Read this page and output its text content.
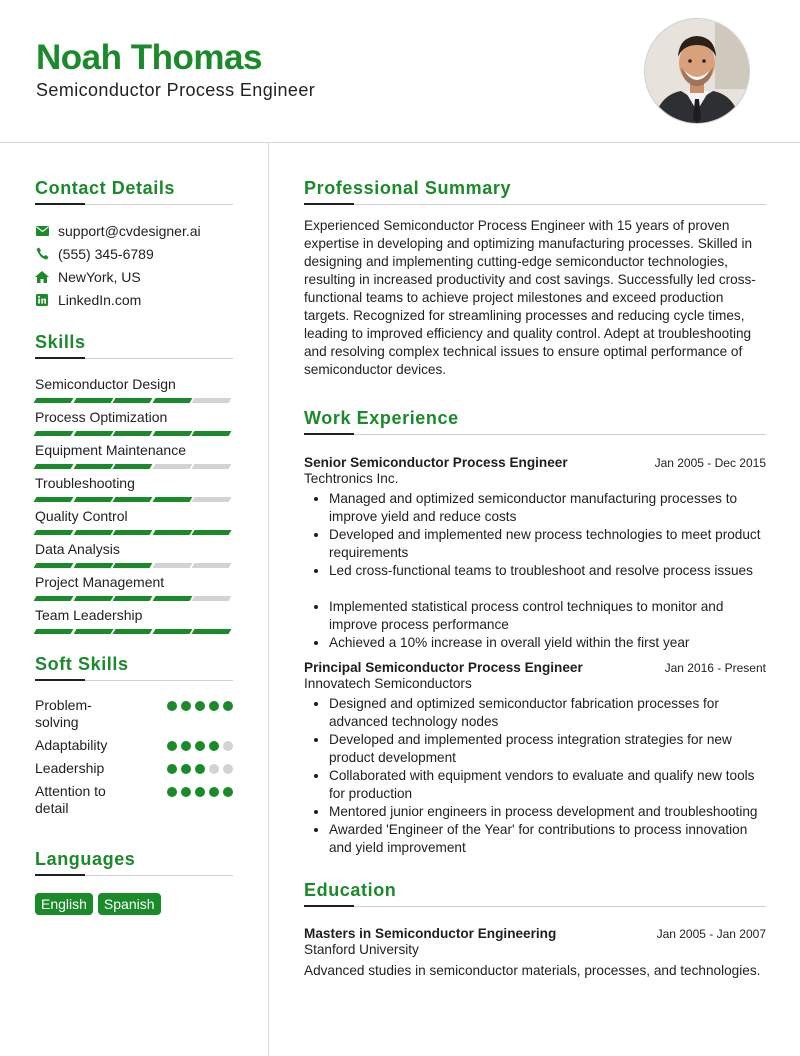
Noah Thomas
Semiconductor Process Engineer
Contact Details
support@cvdesigner.ai
(555) 345-6789
NewYork, US
LinkedIn.com
Skills
Semiconductor Design
Process Optimization
Equipment Maintenance
Troubleshooting
Quality Control
Data Analysis
Project Management
Team Leadership
Soft Skills
Problem-solving
Adaptability
Leadership
Attention to detail
Languages
English	Spanish
Professional Summary
Experienced Semiconductor Process Engineer with 15 years of proven expertise in developing and optimizing manufacturing processes. Skilled in designing and implementing cutting-edge semiconductor technologies, resulting in increased productivity and cost savings. Successfully led cross-functional teams to achieve project milestones and exceed production targets. Recognized for streamlining processes and reducing cycle times, leading to improved efficiency and quality control. Adept at troubleshooting and resolving complex technical issues to ensure optimal performance of semiconductor devices.
Work Experience
Senior Semiconductor Process Engineer	Jan 2005 - Dec 2015
Techtronics Inc.
• Managed and optimized semiconductor manufacturing processes to improve yield and reduce costs
• Developed and implemented new process technologies to meet product requirements
• Led cross-functional teams to troubleshoot and resolve process issues
• Implemented statistical process control techniques to monitor and improve process performance
• Achieved a 10% increase in overall yield within the first year
Principal Semiconductor Process Engineer	Jan 2016 - Present
Innovatech Semiconductors
• Designed and optimized semiconductor fabrication processes for advanced technology nodes
• Developed and implemented process integration strategies for new product development
• Collaborated with equipment vendors to evaluate and qualify new tools for production
• Mentored junior engineers in process development and troubleshooting
• Awarded 'Engineer of the Year' for contributions to process innovation and yield improvement
Education
Masters in Semiconductor Engineering	Jan 2005 - Jan 2007
Stanford University
Advanced studies in semiconductor materials, processes, and technologies.
